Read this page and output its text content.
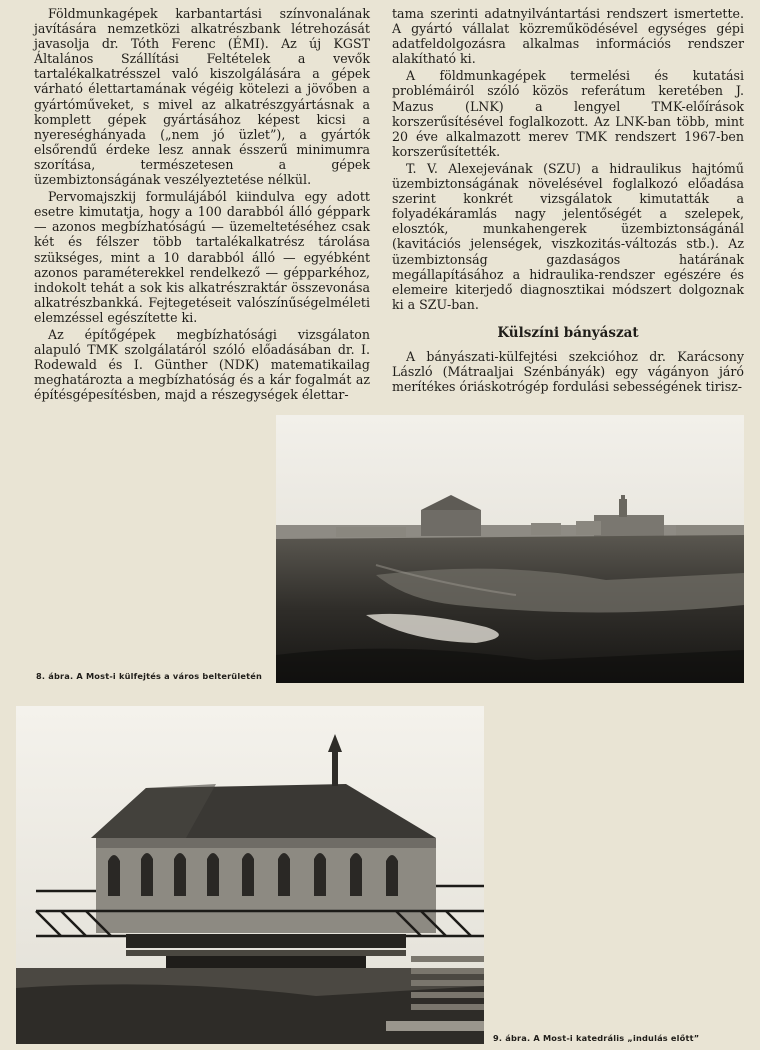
Földmunkagépek karbantartási színvonalának javítására nemzetközi alkatrészbank létrehozását javasolja dr. Tóth Ferenc (ÉMI). Az új KGST Általános Szállítási Feltételek a vevők tartalékalkatrésszel való kiszolgálására a gépek várható élettartamának végéig kötelezi a jövőben a gyártóműveket, s mivel az alkatrészgyártásnak a komplett gépek gyártásához képest kicsi a nyereséghányada („nem jó üzlet”), a gyártók elsőrendű érdeke lesz annak ésszerű minimumra szorítása, természetesen a gépek üzembiztonságának veszélyeztetése nélkül.

Pervomajszkij formulájából kiindulva egy adott esetre kimutatja, hogy a 100 darabból álló géppark — azonos megbízhatóságú — üzemeltetéséhez csak két és félszer több tartalékalkatrész tárolása szükséges, mint a 10 darabból álló — egyébként azonos paraméterekkel rendelkező — gépparkéhoz, indokolt tehát a sok kis alkatrészraktár összevonása alkatrészbankká. Fejtegetéseit valószínűségelméleti elemzéssel egészítette ki.

Az építőgépek megbízhatósági vizsgálaton alapuló TMK szolgálatáról szóló előadásában dr. I. Rodewald és I. Günther (NDK) matematikailag meghatározta a megbízhatóság és a kár fogalmát az építésgépesítésben, majd a részegységek élettar-

tama szerinti adatnyilvántartási rendszert ismertette. A gyártó vállalat közreműködésével egységes gépi adatfeldolgozásra alkalmas információs rendszer alakítható ki.

A földmunkagépek termelési és kutatási problémáiról szóló közös referátum keretében J. Mazus (LNK) a lengyel TMK-előírások korszerűsítésével foglalkozott. Az LNK-ban több, mint 20 éve alkalmazott merev TMK rendszert 1967-ben korszerűsítették.

T. V. Alexejevának (SZU) a hidraulikus hajtómű üzembiztonságának növelésével foglalkozó előadása szerint konkrét vizsgálatok kimutatták a folyadékáramlás nagy jelentőségét a szelepek, elosztók, munkahengerek üzembiztonságánál (kavitációs jelenségek, viszkozitás-változás stb.). Az üzembiztonság gazdaságos határának megállapításához a hidraulika-rendszer egészére és elemeire kiterjedő diagnosztikai módszert dolgoznak ki a SZU-ban.

Külszíni bányászat

A bányászati-külfejtési szekcióhoz dr. Karácsony László (Mátraaljai Szénbányák) egy vágányon járó merítékes óriáskotrógép fordulási sebességének tirisz-

8. ábra. A Most-i külfejtés a város belterületén
9. ábra. A Most-i katedrális „indulás előtt”
